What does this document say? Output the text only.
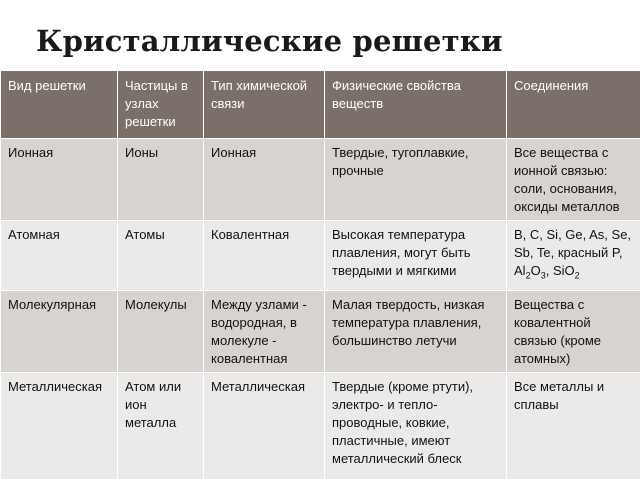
Кристаллические решетки
Вид решетки	Частицы в узлах решетки	Тип химической связи	Физические свойства веществ	Соединения
Ионная	Ионы	Ионная	Твердые, тугоплавкие, прочные	Все вещества с ионной связью: соли, основания, оксиды металлов
Атомная	Атомы	Ковалентная	Высокая температура плавления, могут быть твердыми и мягкими	B, C, Si, Ge, As, Se,
Sb, Te, красный P,
$Al_2O_3$, SiO$_2$

Молекулярная	Молекулы	Между узлами - водородная, в молекуле - ковалентная	Малая твердость, низкая температура плавления, большинство летучи	Вещества с ковалентной связью (кроме атомных)
Металлическая	Атом или ион металла	Металлическая	Твердые (кроме ртути), электро- и тепло-проводные, ковкие, пластичные, имеют металлический блеск	Все металлы и сплавы
